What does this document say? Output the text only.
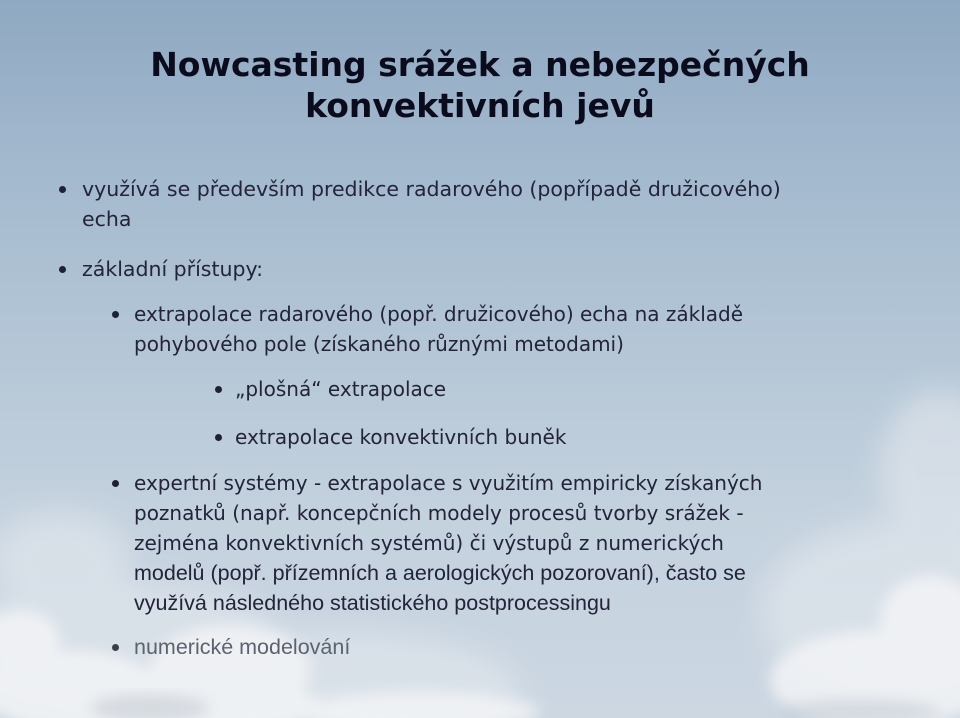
Nowcasting srážek a nebezpečných
konvektivních jevů
využívá se především predikce radarového (popřípadě družicového)
echa
základní přístupy:
extrapolace radarového (popř. družicového) echa na základě
pohybového pole (získaného různými metodami)
„plošná“ extrapolace
extrapolace konvektivních buněk
expertní systémy - extrapolace s využitím empiricky získaných
poznatků (např. koncepčních modely procesů tvorby srážek -
zejména konvektivních systémů) či výstupů z numerických
modelů (popř. přízemních a aerologických pozorovaní), často se
využívá následného statistického postprocessingu
numerické modelování
